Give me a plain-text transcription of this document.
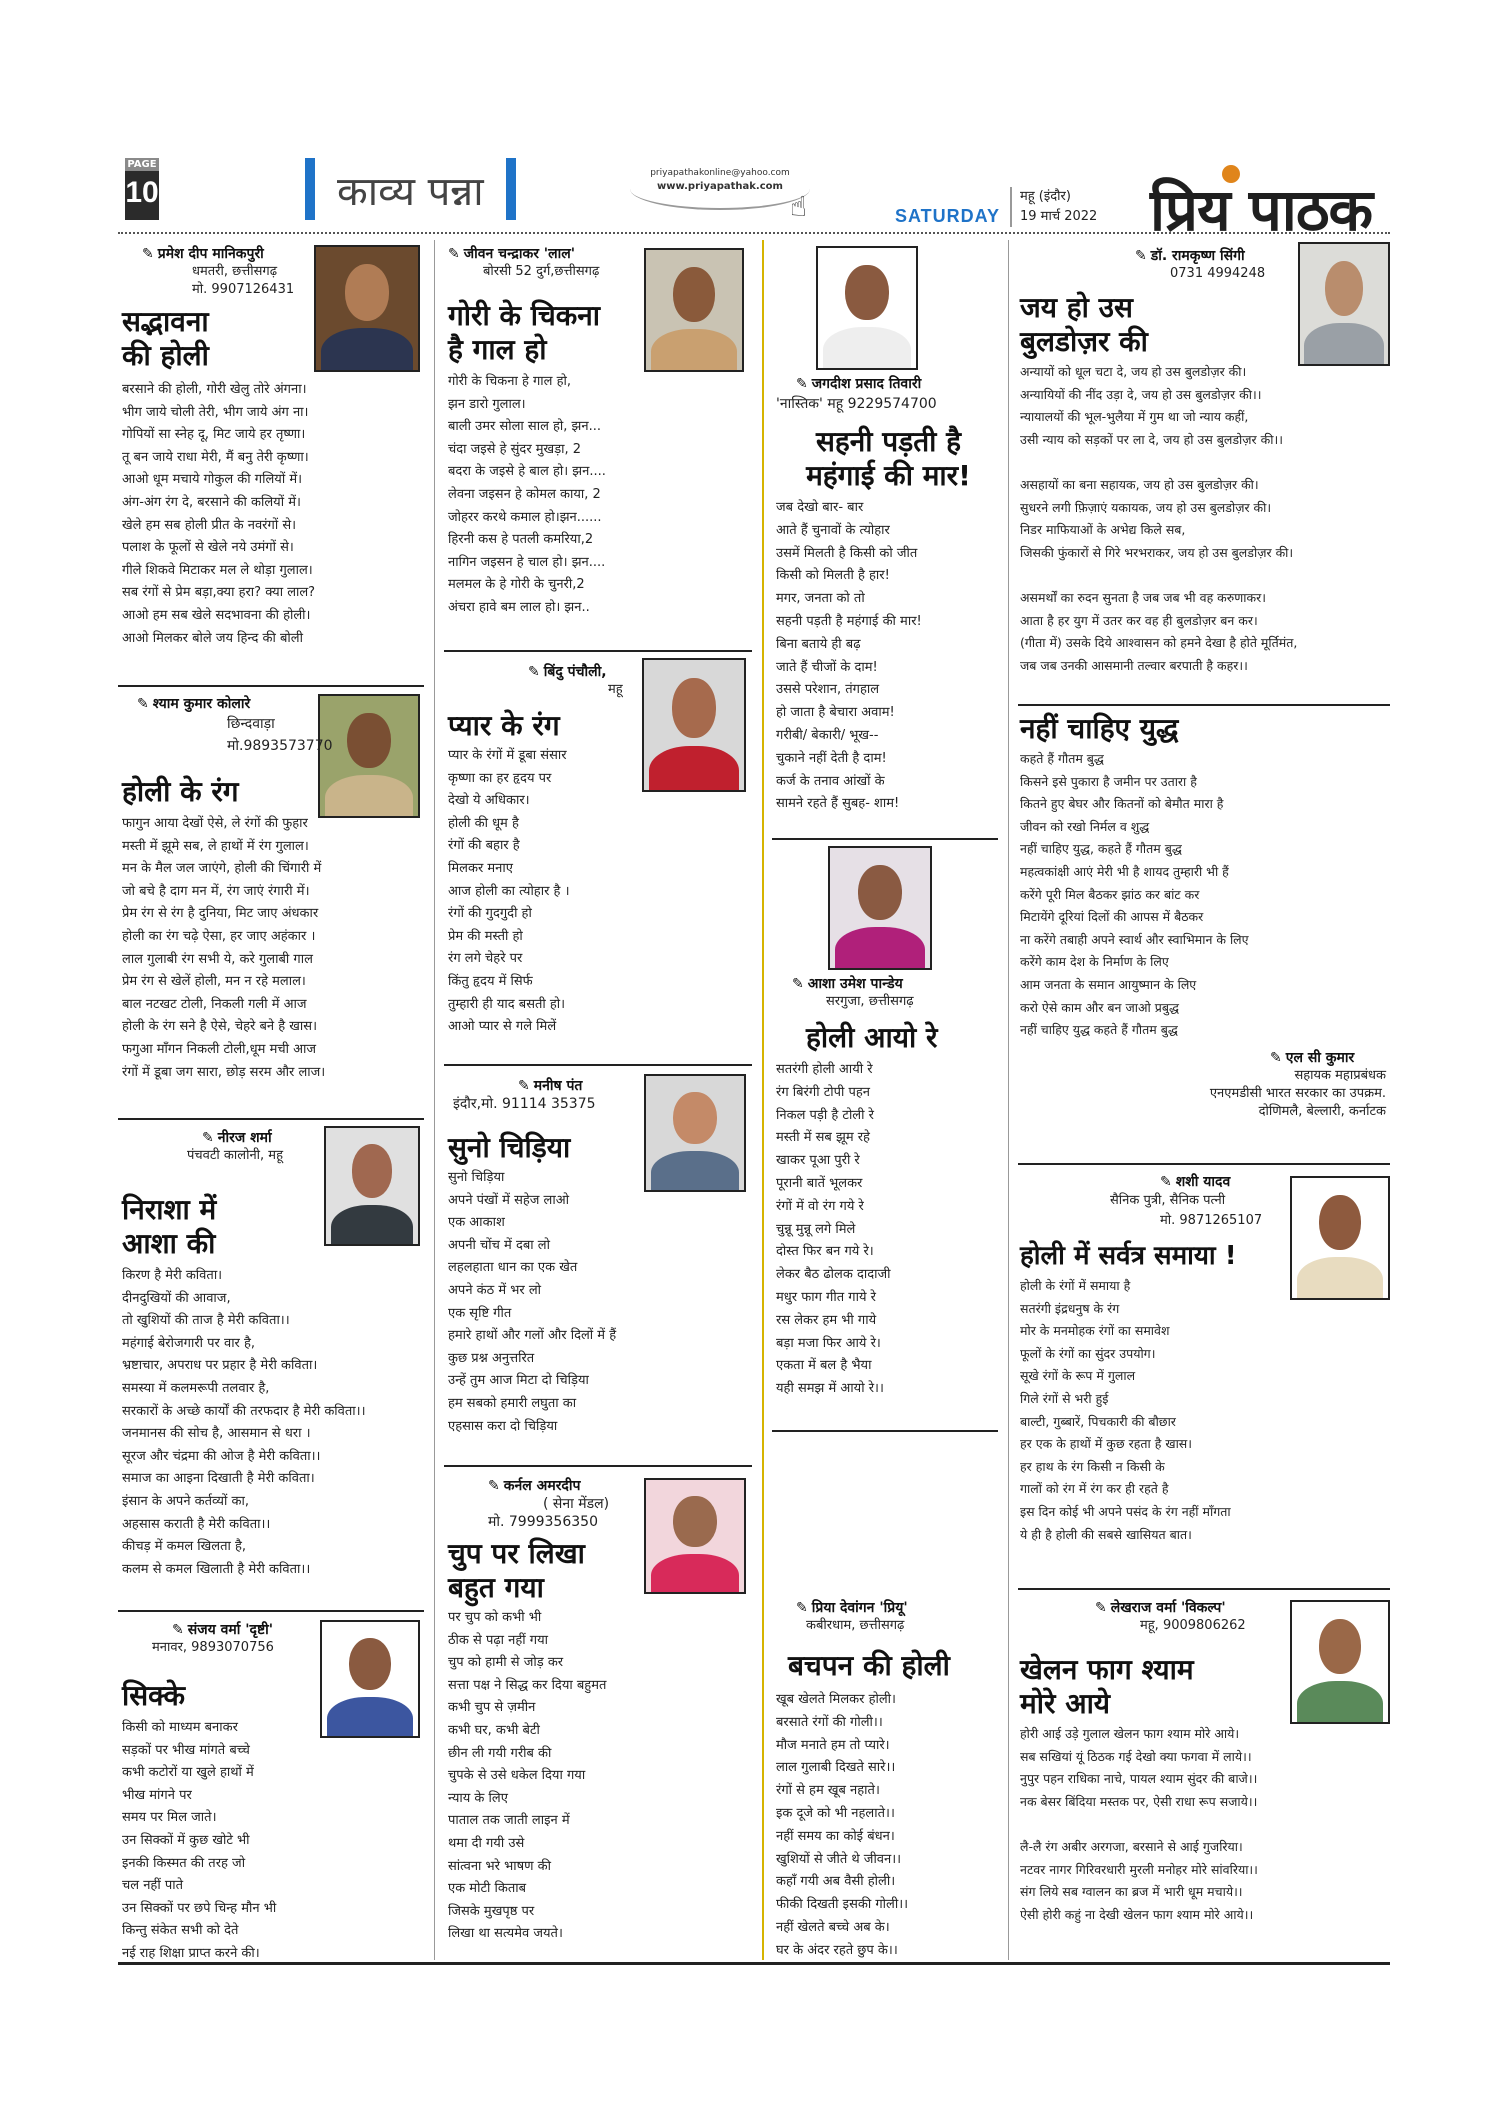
PAGE
10	काव्य पन्ना	priyapathakonline@yahoo.com
www.priyapathak.com
☝	SATURDAY
महू (इंदौर)
19 मार्च 2022 प्रिय पाठक
✎ प्रमेश दीप मानिकपुरी
धमतरी, छत्तीसगढ़
मो. 9907126431
सद्भावना
की होली
बरसाने की होली, गोरी खेलु तोरे अंगना।
भीग जाये चोली तेरी, भीग जाये अंग ना।
गोपियों सा स्नेह दू, मिट जाये हर तृष्णा।
तू बन जाये राधा मेरी, मैं बनु तेरी कृष्णा।
आओ धूम मचाये गोकुल की गलियों में।
अंग-अंग रंग दे, बरसाने की कलियों में।
खेले हम सब होली प्रीत के नवरंगों से।
पलाश के फूलों से खेले नये उमंगों से।
गीले शिकवे मिटाकर मल ले थोड़ा गुलाल।
सब रंगों से प्रेम बड़ा,क्या हरा? क्या लाल?
आओ हम सब खेले सदभावना की होली।
आओ मिलकर बोले जय हिन्द की बोली
✎ श्याम कुमार कोलारे
छिन्दवाड़ा
मो.9893573770
होली के रंग
फागुन आया देखों ऐसे, ले रंगों की फुहार
मस्ती में झूमे सब, ले हाथों में रंग गुलाल।
मन के मैल जल जाएंगे, होली की चिंगारी में
जो बचे है दाग मन में, रंग जाएं रंगारी में।
प्रेम रंग से रंग है दुनिया, मिट जाए अंधकार
होली का रंग चढ़े ऐसा, हर जाए अहंकार ।
लाल गुलाबी रंग सभी ये, करे गुलाबी गाल
प्रेम रंग से खेलें होली, मन न रहे मलाल।
बाल नटखट टोली, निकली गली में आज
होली के रंग सने है ऐसे, चेहरे बने है खास।
फगुआ माँगन निकली टोली,धूम मची आज
रंगों में डूबा जग सारा, छोड़ सरम और लाज।
✎ नीरज शर्मा
पंचवटी कालोनी, महू
निराशा में
आशा की
किरण है मेरी कविता।
दीनदुखियों की आवाज,
तो खुशियों की ताज है मेरी कविता।।
महंगाई बेरोजगारी पर वार है,
भ्रष्टाचार, अपराध पर प्रहार है मेरी कविता।
समस्या में कलमरूपी तलवार है,
सरकारों के अच्छे कार्यों की तरफदार है मेरी कविता।।
जनमानस की सोच है, आसमान से धरा ।
सूरज और चंद्रमा की ओज है मेरी कविता।।
समाज का आइना दिखाती है मेरी कविता।
इंसान के अपने कर्तव्यों का,
अहसास कराती है मेरी कविता।।
कीचड़ में कमल खिलता है,
कलम से कमल खिलाती है मेरी कविता।।
✎ संजय वर्मा 'दृष्टी'
मनावर, 9893070756
सिक्के
किसी को माध्यम बनाकर
सड़कों पर भीख मांगते बच्चे
कभी कटोरों या खुले हाथों में
भीख मांगने पर
समय पर मिल जाते।
उन सिक्कों में कुछ खोटे भी
इनकी किस्मत की तरह जो
चल नहीं पाते
उन सिक्कों पर छपे चिन्ह मौन भी
किन्तु संकेत सभी को देते
नई राह शिक्षा प्राप्त करने की।
✎ जीवन चन्द्राकर 'लाल'
बोरसी 52 दुर्ग,छत्तीसगढ़
गोरी के चिकना
है गाल हो
गोरी के चिकना हे गाल हो,
झन डारो गुलाल।
बाली उमर सोला साल हो, झन...
चंदा जइसे हे सुंदर मुखड़ा, 2
बदरा के जइसे हे बाल हो। झन....
लेवना जइसन हे कोमल काया, 2
जोहरर करथे कमाल हो।झन......
हिरनी कस हे पतली कमरिया,2
नागिन जइसन हे चाल हो। झन....
मलमल के हे गोरी के चुनरी,2
अंचरा हावे बम लाल हो। झन..
✎ बिंदु पंचौली,
महू
प्यार के रंग
प्यार के रंगों में डूबा संसार
कृष्णा का हर हृदय पर
देखो ये अधिकार।
होली की धूम है
रंगों की बहार है
मिलकर मनाए
आज होली का त्योहार है ।
रंगों की गुदगुदी हो
प्रेम की मस्ती हो
रंग लगे चेहरे पर
किंतु हृदय में सिर्फ
तुम्हारी ही याद बसती हो।
आओ प्यार से गले मिलें
✎ मनीष पंत
इंदौर,मो. 91114 35375
सुनो चिड़िया
सुनो चिड़िया
अपने पंखों में सहेज लाओ
एक आकाश
अपनी चोंच में दबा लो
लहलहाता धान का एक खेत
अपने कंठ में भर लो
एक सृष्टि गीत
हमारे हाथों और गलों और दिलों में हैं
कुछ प्रश्न अनुत्तरित
उन्हें तुम आज मिटा दो चिड़िया
हम सबको हमारी लघुता का
एहसास करा दो चिड़िया
✎ कर्नल अमरदीप
( सेना मेंडल)
मो. 7999356350
चुप पर लिखा
बहुत गया
पर चुप को कभी भी
ठीक से पढ़ा नहीं गया
चुप को हामी से जोड़ कर
सत्ता पक्ष ने सिद्ध कर दिया बहुमत
कभी चुप से ज़मीन
कभी घर, कभी बेटी
छीन ली गयी गरीब की
चुपके से उसे धकेल दिया गया
न्याय के लिए
पाताल तक जाती लाइन में
थमा दी गयी उसे
सांत्वना भरे भाषण की
एक मोटी किताब
जिसके मुखपृष्ठ पर
लिखा था सत्यमेव जयते।
✎ जगदीश प्रसाद तिवारी
'नास्तिक' महू 9229574700
सहनी पड़ती है
महंगाई की मार!
जब देखो बार- बार
आते हैं चुनावों के त्योहार
उसमें मिलती है किसी को जीत
किसी को मिलती है हार!
मगर, जनता को तो
सहनी पड़ती है महंगाई की मार!
बिना बताये ही बढ़
जाते हैं चीजों के दाम!
उससे परेशान, तंगहाल
हो जाता है बेचारा अवाम!
गरीबी/ बेकारी/ भूख--
चुकाने नहीं देती है दाम!
कर्ज के तनाव आंखों के
सामने रहते हैं सुबह- शाम!
✎ आशा उमेश पान्डेय
सरगुजा, छत्तीसगढ़
होली आयो रे
सतरंगी होली आयी रे
रंग बिरंगी टोपी पहन
निकल पड़ी है टोली रे
मस्ती में सब झूम रहे
खाकर पूआ पुरी रे
पूरानी बातें भूलकर
रंगों में वो रंग गये रे
चुन्नू मुन्नू लगे मिले
दोस्त फिर बन गये रे।
लेकर बैठ ढोलक दादाजी
मधुर फाग गीत गाये रे
रस लेकर हम भी गाये
बड़ा मजा फिर आये रे।
एकता में बल है भैया
यही समझ में आयो रे।।
✎ प्रिया देवांगन 'प्रियू'
कबीरधाम, छत्तीसगढ़
बचपन की होली
खूब खेलते मिलकर होली।
बरसाते रंगों की गोली।।
मौज मनाते हम तो प्यारे।
लाल गुलाबी दिखते सारे।।
रंगों से हम खूब नहाते।
इक दूजे को भी नहलाते।।
नहीं समय का कोई बंधन।
खुशियों से जीते थे जीवन।।
कहाँ गयी अब वैसी होली।
फीकी दिखती इसकी गोली।।
नहीं खेलते बच्चे अब के।
घर के अंदर रहते छुप के।।
✎ डॉ. रामकृष्ण सिंगी
0731 4994248
जय हो उस
बुलडोज़र की
अन्यायों को धूल चटा दे, जय हो उस बुलडोज़र की।
अन्यायियों की नींद उड़ा दे, जय हो उस बुलडोज़र की।।
न्यायालयों की भूल-भुलैया में गुम था जो न्याय कहीं,
उसी न्याय को सड़कों पर ला दे, जय हो उस बुलडोज़र की।।

असहायों का बना सहायक, जय हो उस बुलडोज़र की।
सुधरने लगी फ़िज़ाएं यकायक, जय हो उस बुलडोज़र की।
निडर माफियाओं के अभेद्य किले सब,
जिसकी फुंकारों से गिरे भरभराकर, जय हो उस बुलडोज़र की।

असमर्थों का रुदन सुनता है जब जब भी वह करुणाकर।
आता है हर युग में उतर कर वह ही बुलडोज़र बन कर।
(गीता में) उसके दिये आश्वासन को हमने देखा है होते मूर्तिमंत,
जब जब उनकी आसमानी तल्वार बरपाती है कहर।।
नहीं चाहिए युद्ध
कहते हैं गौतम बुद्ध
किसने इसे पुकारा है जमीन पर उतारा है
कितने हुए बेघर और कितनों को बेमौत मारा है
जीवन को रखो निर्मल व शुद्ध
नहीं चाहिए युद्ध, कहते हैं गौतम बुद्ध
महत्वकांक्षी आएं मेरी भी है शायद तुम्हारी भी हैं
करेंगे पूरी मिल बैठकर झांठ कर बांट कर
मिटायेंगे दूरियां दिलों की आपस में बैठकर
ना करेंगे तबाही अपने स्वार्थ और स्वाभिमान के लिए
करेंगे काम देश के निर्माण के लिए
आम जनता के समान आयुष्मान के लिए
करो ऐसे काम और बन जाओ प्रबुद्ध
नहीं चाहिए युद्ध कहते हैं गौतम बुद्ध
✎ एल सी कुमार
सहायक महाप्रबंधक
एनएमडीसी भारत सरकार का उपक्रम.
दोणिमलै, बेल्लारी, कर्नाटक
✎ शशी यादव
सैनिक पुत्री, सैनिक पत्नी
मो. 9871265107
होली में सर्वत्र समाया !
होली के रंगों में समाया है
सतरंगी इंद्रधनुष के रंग
मोर के मनमोहक रंगों का समावेश
फूलों के रंगों का सुंदर उपयोग।
सूखे रंगों के रूप में गुलाल
गिले रंगों से भरी हुई
बाल्टी, गुब्बारें, पिचकारी की बौछार
हर एक के हाथों में कुछ रहता है खास।
हर हाथ के रंग किसी न किसी के
गालों को रंग में रंग कर ही रहते है
इस दिन कोई भी अपने पसंद के रंग नहीं माँगता
ये ही है होली की सबसे खासियत बात।
✎ लेखराज वर्मा 'विकल्प'
महू, 9009806262
खेलन फाग श्याम
मोरे आये
होरी आई उड़े गुलाल खेलन फाग श्याम मोरे आये।
सब सखियां यूं ठिठक गई देखो क्या फगवा में लाये।।
नुपुर पहन राधिका नाचे, पायल श्याम सुंदर की बाजे।।
नक बेसर बिंदिया मस्तक पर, ऐसी राधा रूप सजाये।।

लै-लै रंग अबीर अरगजा, बरसाने से आई गुजरिया।
नटवर नागर गिरिवरधारी मुरली मनोहर मोरे सांवरिया।।
संग लिये सब ग्वालन का ब्रज में भारी धूम मचाये।।
ऐसी होरी कहुं ना देखी खेलन फाग श्याम मोरे आये।।
